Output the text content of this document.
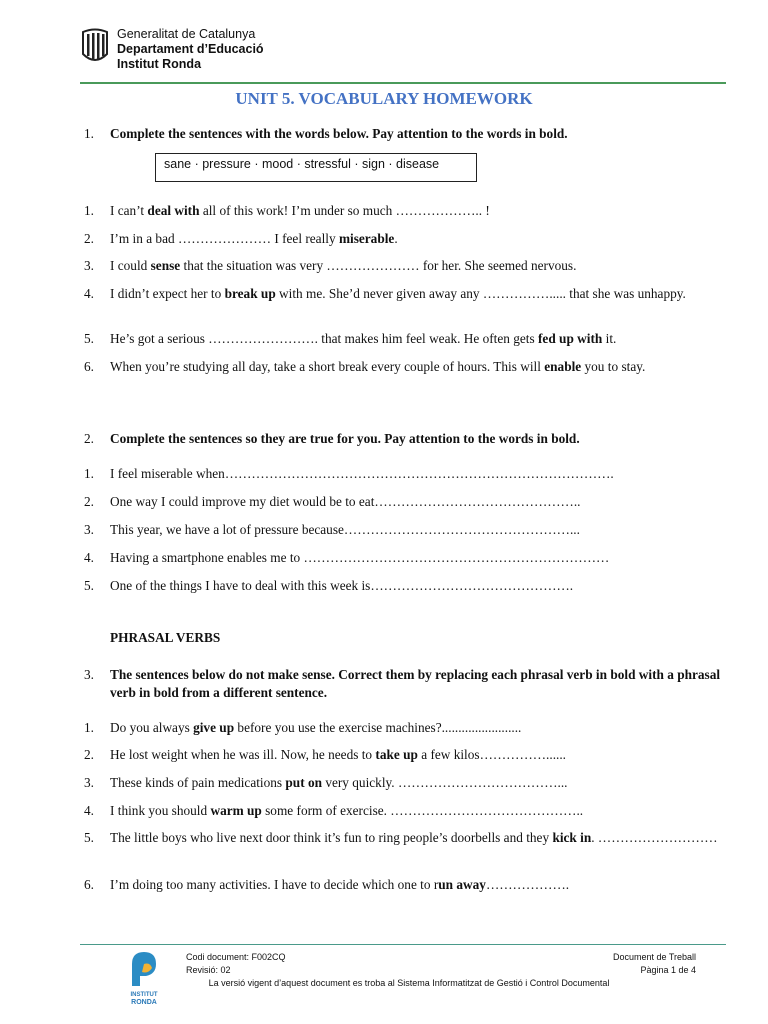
Generalitat de Catalunya
Departament d’Educació
Institut Ronda
UNIT 5. VOCABULARY HOMEWORK
1.	Complete the sentences with the words below. Pay attention to the words in bold.
sane · pressure · mood · stressful · sign · disease
1.	I can’t deal with all of this work! I’m under so much ……………….. !
2.	I’m in a bad ………………… I feel really miserable.
3.	I could sense that the situation was very ………………… for her. She seemed nervous.
4.	I didn’t expect her to break up with me. She’d never given away any ……………..... that she was unhappy.
5.	He’s got a serious ……………………. that makes him feel weak. He often gets fed up with it.
6.	When you’re studying all day, take a short break every couple of hours. This will enable you to stay.
2.	Complete the sentences so they are true for you. Pay attention to the words in bold.
1.	I feel miserable when…………………………………………………………………………….
2.	One way I could improve my diet would be to eat………………………………………..
3.	This year, we have a lot of pressure because……………………………………………...
4.	Having a smartphone enables me to ……………………………………………………………
5.	One of the things I have to deal with this week is……………………………………….
PHRASAL VERBS
3.	The sentences below do not make sense. Correct them by replacing each phrasal verb in bold with a phrasal verb in bold from a different sentence.
1.	Do you always give up before you use the exercise machines?........................
2.	He lost weight when he was ill. Now, he needs to take up a few kilos……………......
3.	These kinds of pain medications put on very quickly. ………………………………...
4.	I think you should warm up some form of exercise. ……………………………………..
5.	The little boys who live next door think it’s fun to ring people’s doorbells and they kick in. ………………………
6.	I’m doing too many activities. I have to decide which one to run away……………….
INSTITUT
RONDA
Codi document: F002CQ
Revisió: 02
Document de Treball
Pàgina 1 de 4
La versió vigent d’aquest document es troba al Sistema Informatitzat de Gestió i Control Documental
